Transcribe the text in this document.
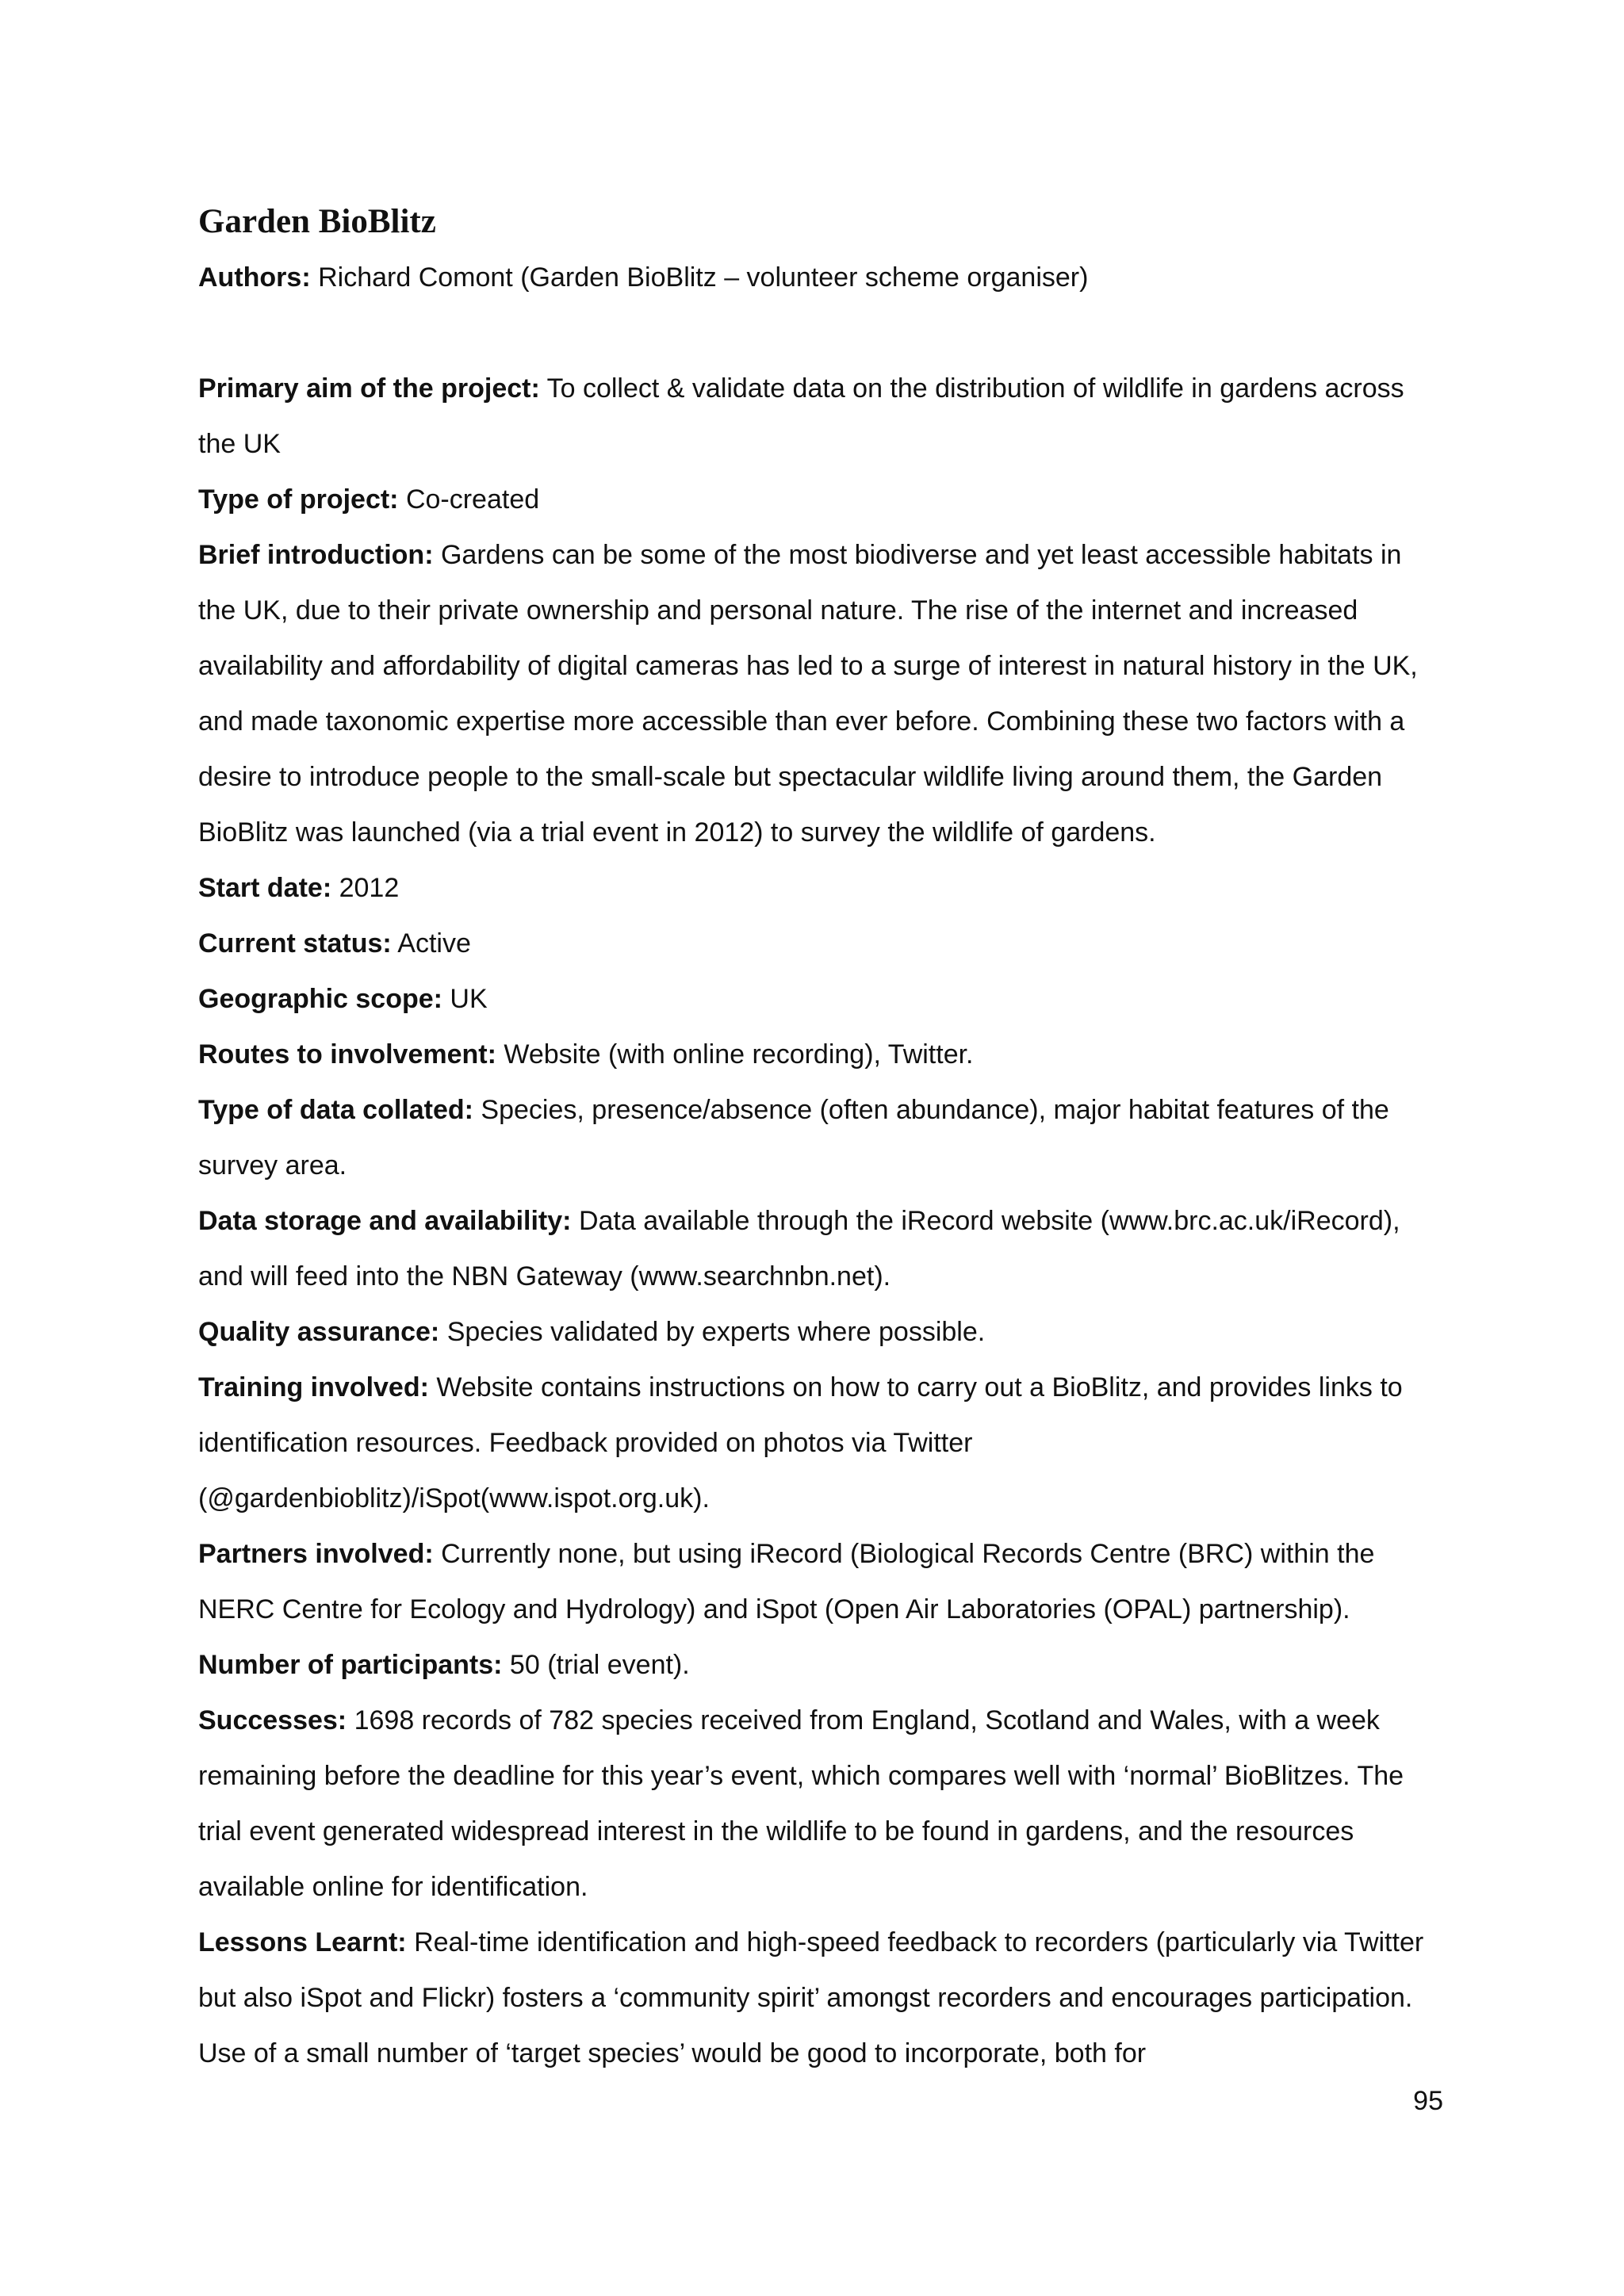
Garden BioBlitz

Authors: Richard Comont (Garden BioBlitz – volunteer scheme organiser)

Primary aim of the project: To collect & validate data on the distribution of wildlife in gardens across the UK

Type of project: Co-created

Brief introduction: Gardens can be some of the most biodiverse and yet least accessible habitats in the UK, due to their private ownership and personal nature. The rise of the internet and increased availability and affordability of digital cameras has led to a surge of interest in natural history in the UK, and made taxonomic expertise more accessible than ever before. Combining these two factors with a desire to introduce people to the small-scale but spectacular wildlife living around them, the Garden BioBlitz was launched (via a trial event in 2012) to survey the wildlife of gardens.

Start date: 2012

Current status: Active

Geographic scope: UK

Routes to involvement: Website (with online recording), Twitter.

Type of data collated: Species, presence/absence (often abundance), major habitat features of the survey area.

Data storage and availability: Data available through the iRecord website (www.brc.ac.uk/iRecord), and will feed into the NBN Gateway (www.searchnbn.net).

Quality assurance: Species validated by experts where possible.

Training involved: Website contains instructions on how to carry out a BioBlitz, and provides links to identification resources. Feedback provided on photos via Twitter (@gardenbioblitz)/iSpot(www.ispot.org.uk).

Partners involved: Currently none, but using iRecord (Biological Records Centre (BRC) within the NERC Centre for Ecology and Hydrology) and iSpot (Open Air Laboratories (OPAL) partnership).

Number of participants: 50 (trial event).

Successes: 1698 records of 782 species received from England, Scotland and Wales, with a week remaining before the deadline for this year’s event, which compares well with ‘normal’ BioBlitzes. The trial event generated widespread interest in the wildlife to be found in gardens, and the resources available online for identification.

Lessons Learnt: Real-time identification and high-speed feedback to recorders (particularly via Twitter but also iSpot and Flickr) fosters a ‘community spirit’ amongst recorders and encourages participation. Use of a small number of ‘target species’ would be good to incorporate, both for

95
